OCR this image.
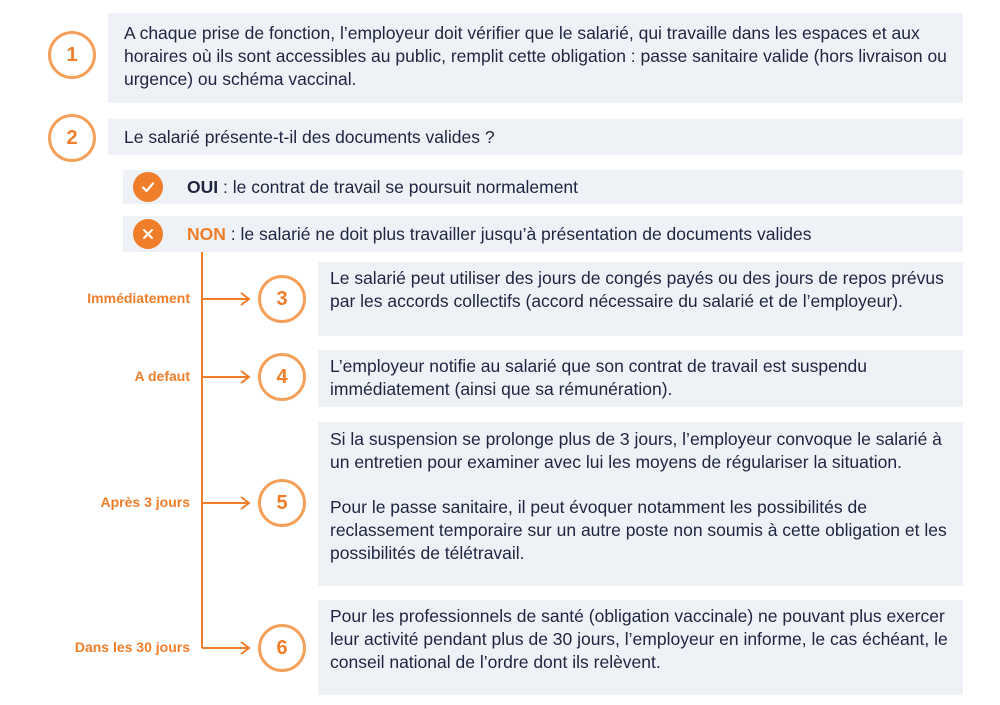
1

A chaque prise de fonction, l’employeur doit vérifier que le salarié, qui travaille dans les espaces et aux horaires où ils sont accessibles au public, remplit cette obligation : passe sanitaire valide (hors livraison ou urgence) ou schéma vaccinal.

2	Le salarié présente-t-il des documents valides ?

OUI : le contrat de travail se poursuit normalement
NON : le salarié ne doit plus travailler jusqu’à présentation de documents valides
Immédiatement	3

Le salarié peut utiliser des jours de congés payés ou des jours de repos prévus par les accords collectifs (accord nécessaire du salarié et de l’employeur).

A defaut	4	L’employeur notifie au salarié que son contrat de travail est suspendu immédiatement (ainsi que sa rémunération).

Après 3 jours	5

Si la suspension se prolonge plus de 3 jours, l’employeur convoque le salarié à un entretien pour examiner avec lui les moyens de régulariser la situation.

Pour le passe sanitaire, il peut évoquer notamment les possibilités de reclassement temporaire sur un autre poste non soumis à cette obligation et les possibilités de télétravail.

Dans les 30 jours	6

Pour les professionnels de santé (obligation vaccinale) ne pouvant plus exercer leur activité pendant plus de 30 jours, l’employeur en informe, le cas échéant, le conseil national de l’ordre dont ils relèvent.
